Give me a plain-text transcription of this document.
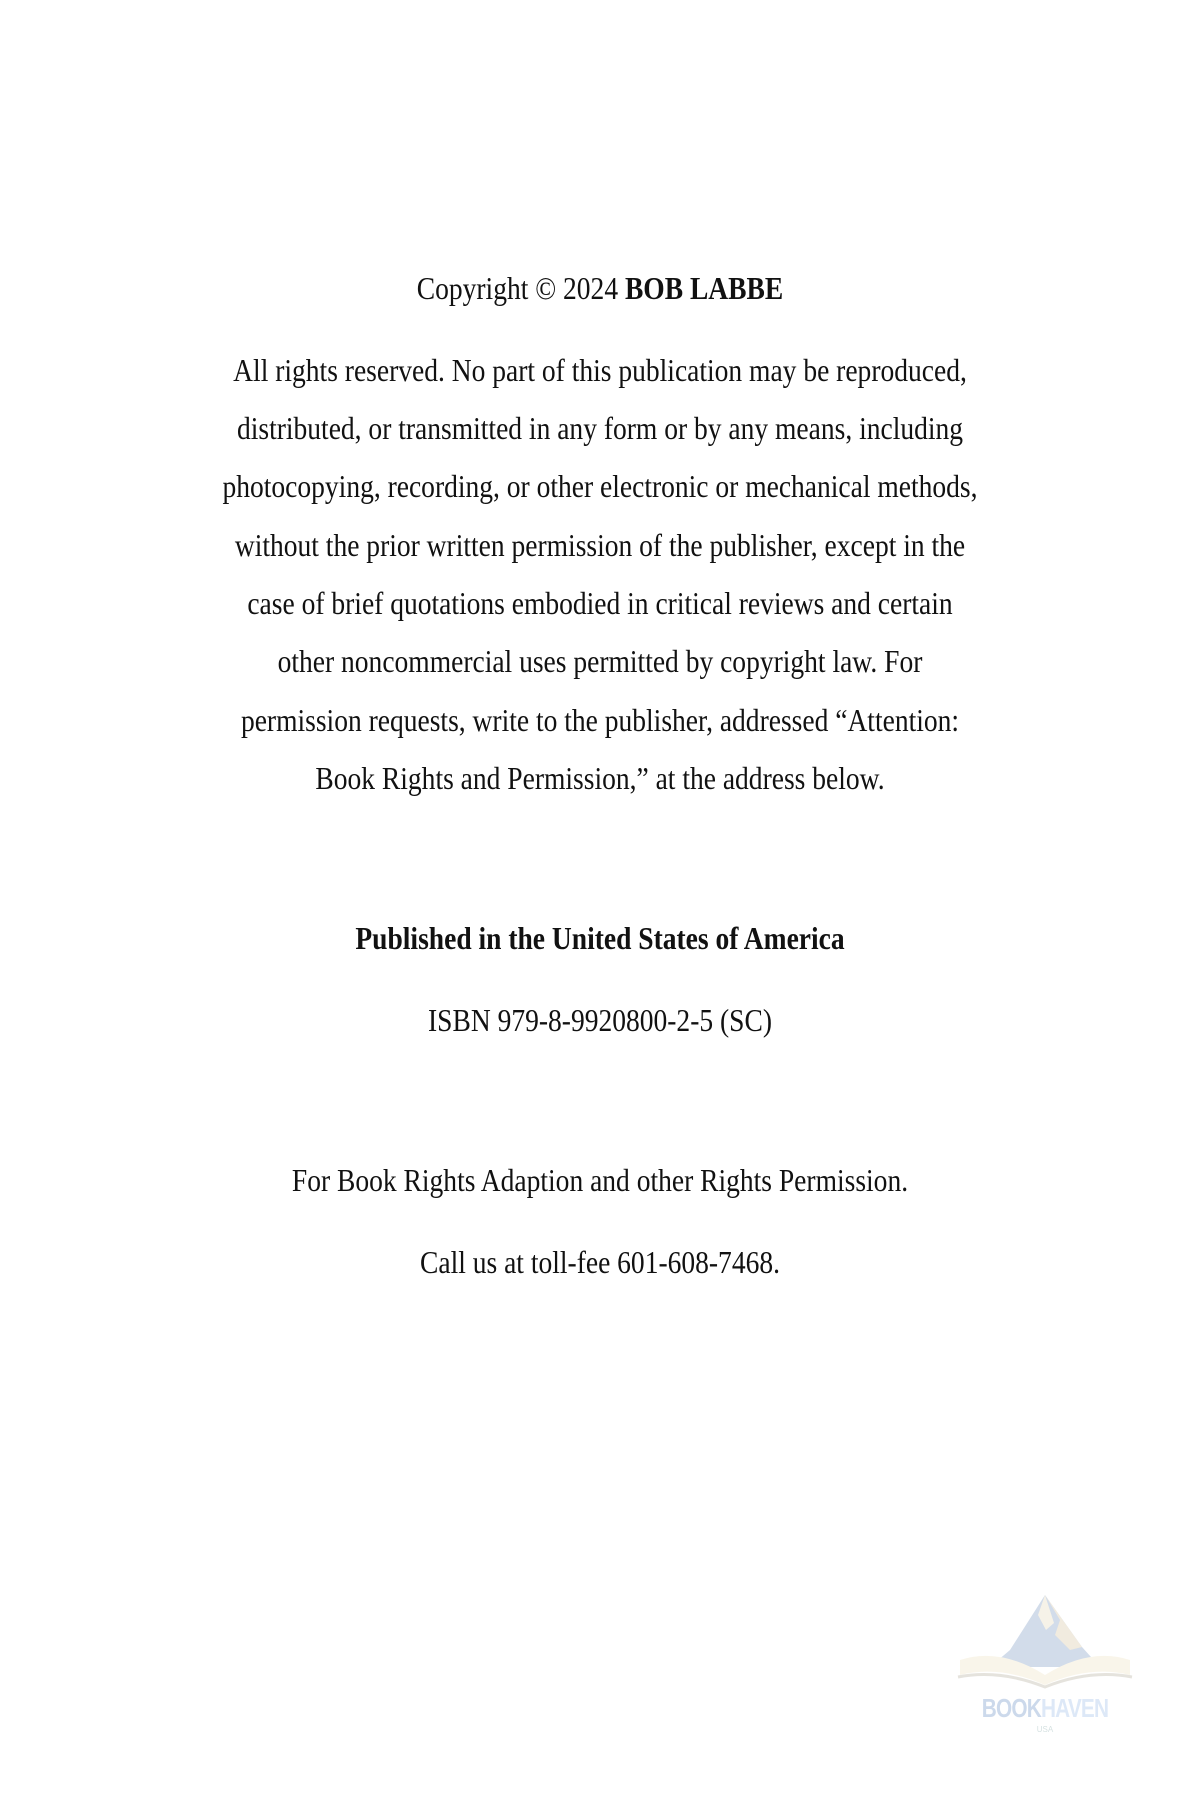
Copyright © 2024 BOB LABBE
All rights reserved. No part of this publication may be reproduced,
distributed, or transmitted in any form or by any means, including
photocopying, recording, or other electronic or mechanical methods,
without the prior written permission of the publisher, except in the
case of brief quotations embodied in critical reviews and certain
other noncommercial uses permitted by copyright law. For
permission requests, write to the publisher, addressed “Attention:
Book Rights and Permission,” at the address below.
Published in the United States of America
ISBN 979-8-9920800-2-5 (SC)
For Book Rights Adaption and other Rights Permission.
Call us at toll-fee 601-608-7468.
BOOKHAVEN
USA
